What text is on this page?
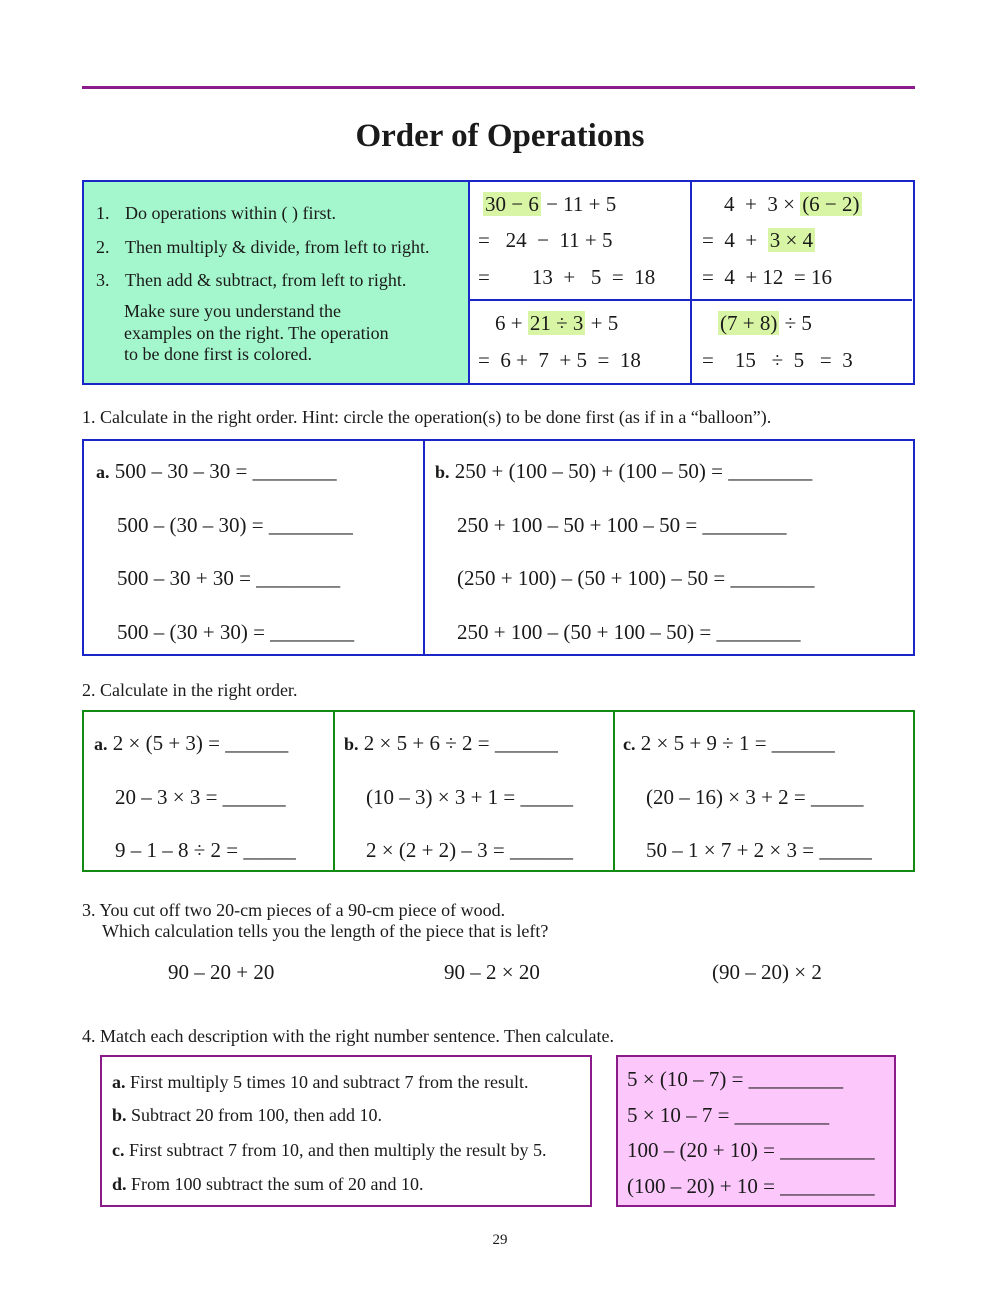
Order of Operations
1. Do operations within ( ) first.
2. Then multiply & divide, from left to right.
3. Then add & subtract, from left to right.
Make sure you understand the
examples on the right. The operation
to be done first is colored.
30 − 6 − 11 + 5
=   24  −  11 + 5
=        13  +   5  =  18
4  +  3 × (6 − 2)
=  4  +  3 × 4
=  4  + 12  = 16
6 + 21 ÷ 3 + 5
=  6 +  7  + 5  =  18
(7 + 8) ÷ 5
=    15   ÷  5   =  3
1. Calculate in the right order. Hint: circle the operation(s) to be done first (as if in a “balloon”).
a. 500 – 30 – 30 = ________
500 – (30 – 30) = ________
500 – 30 + 30 = ________
500 – (30 + 30) = ________
b. 250 + (100 – 50) + (100 – 50) = ________
250 + 100 – 50 + 100 – 50 = ________
(250 + 100) – (50 + 100) – 50 = ________
250 + 100 – (50 + 100 – 50) = ________
2. Calculate in the right order.
a. 2 × (5 + 3) = ______
20 – 3 × 3 = ______
9 – 1 – 8 ÷ 2 = _____
b. 2 × 5 + 6 ÷ 2 = ______
(10 – 3) × 3 + 1 = _____
2 × (2 + 2) – 3 = ______
c. 2 × 5 + 9 ÷ 1 = ______
(20 – 16) × 3 + 2 = _____
50 – 1 × 7 + 2 × 3 = _____
3. You cut off two 20-cm pieces of a 90-cm piece of wood.
Which calculation tells you the length of the piece that is left?
90 – 20 + 20	90 – 2 × 20	(90 – 20) × 2
4. Match each description with the right number sentence. Then calculate.
a. First multiply 5 times 10 and subtract 7 from the result.
b. Subtract 20 from 100, then add 10.
c. First subtract 7 from 10, and then multiply the result by 5.
d. From 100 subtract the sum of 20 and 10.
5 × (10 – 7) = _________
5 × 10 – 7 = _________
100 – (20 + 10) = _________
(100 – 20) + 10 = _________
29
